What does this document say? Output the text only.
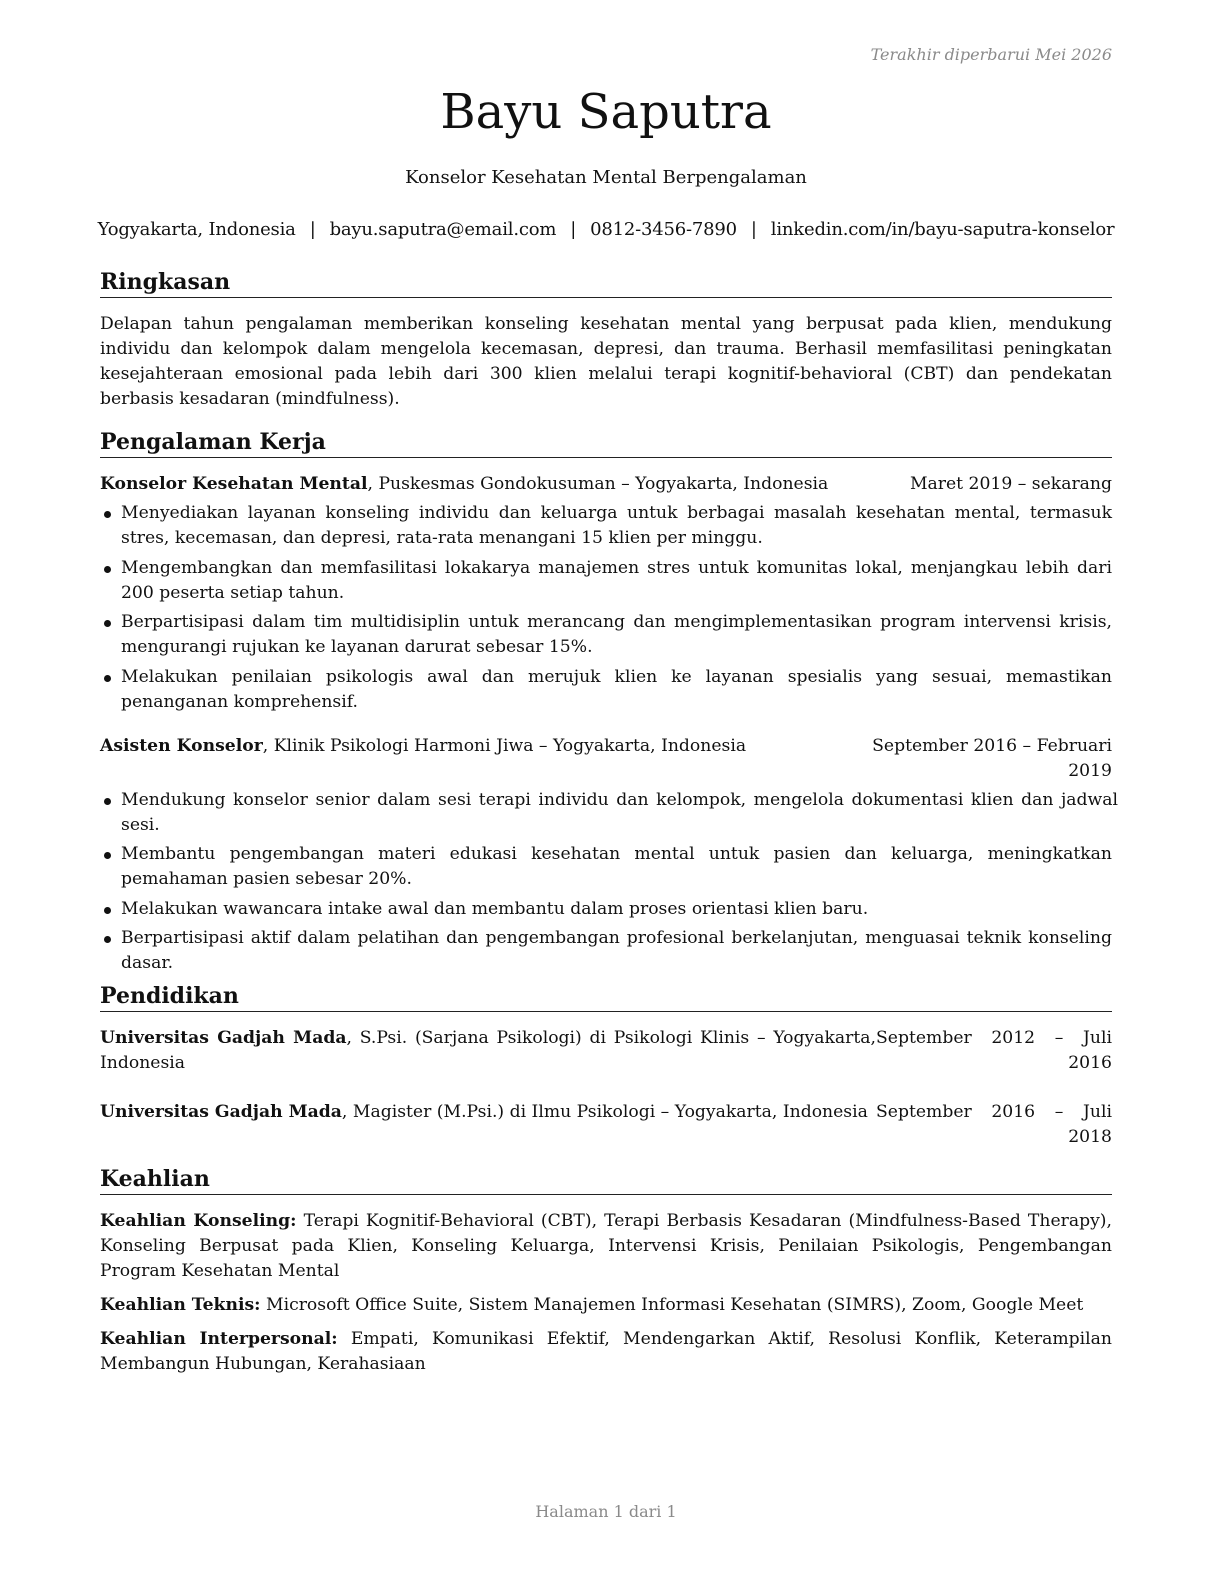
Terakhir diperbarui Mei 2026
Bayu Saputra
Konselor Kesehatan Mental Berpengalaman
Yogyakarta, Indonesia | bayu.saputra@email.com | 0812-3456-7890 | linkedin.com/in/bayu-saputra-konselor
Ringkasan

Delapan tahun pengalaman memberikan konseling kesehatan mental yang berpusat pada klien, mendukung individu dan kelompok dalam mengelola kecemasan, depresi, dan trauma. Berhasil memfasilitasi peningkatan kesejahteraan emosional pada lebih dari 300 klien melalui terapi kognitif-behavioral (CBT) dan pendekatan berbasis kesadaran (mindfulness).

Pengalaman Kerja
Konselor Kesehatan Mental, Puskesmas Gondokusuman – Yogyakarta, Indonesia	Maret 2019 – sekarang
Menyediakan layanan konseling individu dan keluarga untuk berbagai masalah kesehatan mental, termasuk stres, kecemasan, dan depresi, rata-rata menangani 15 klien per minggu.
Mengembangkan dan memfasilitasi lokakarya manajemen stres untuk komunitas lokal, menjangkau lebih dari 200 peserta setiap tahun.
Berpartisipasi dalam tim multidisiplin untuk merancang dan mengimplementasikan program intervensi krisis, mengurangi rujukan ke layanan darurat sebesar 15%.
Melakukan penilaian psikologis awal dan merujuk klien ke layanan spesialis yang sesuai, memastikan penanganan komprehensif.
Asisten Konselor, Klinik Psikologi Harmoni Jiwa – Yogyakarta, Indonesia	September 2016 – Februari 2019
Mendukung konselor senior dalam sesi terapi individu dan kelompok, mengelola dokumentasi klien dan jadwal sesi.
Membantu pengembangan materi edukasi kesehatan mental untuk pasien dan keluarga, meningkatkan pemahaman pasien sebesar 20%.
Melakukan wawancara intake awal dan membantu dalam proses orientasi klien baru.
Berpartisipasi aktif dalam pelatihan dan pengembangan profesional berkelanjutan, menguasai teknik konseling dasar.
Pendidikan
Universitas Gadjah Mada, S.Psi. (Sarjana Psikologi) di Psikologi Klinis – Yogyakarta, Indonesia
September 2012 – Juli 2016
Universitas Gadjah Mada, Magister (M.Psi.) di Ilmu Psikologi – Yogyakarta, Indonesia September 2016 – Juli 2018
Keahlian

Keahlian Konseling: Terapi Kognitif-Behavioral (CBT), Terapi Berbasis Kesadaran (Mindfulness-Based Therapy), Konseling Berpusat pada Klien, Konseling Keluarga, Intervensi Krisis, Penilaian Psikologis, Pengembangan Program Kesehatan Mental

Keahlian Teknis: Microsoft Office Suite, Sistem Manajemen Informasi Kesehatan (SIMRS), Zoom, Google Meet

Keahlian Interpersonal: Empati, Komunikasi Efektif, Mendengarkan Aktif, Resolusi Konflik, Keterampilan Membangun Hubungan, Kerahasiaan

Halaman 1 dari 1
